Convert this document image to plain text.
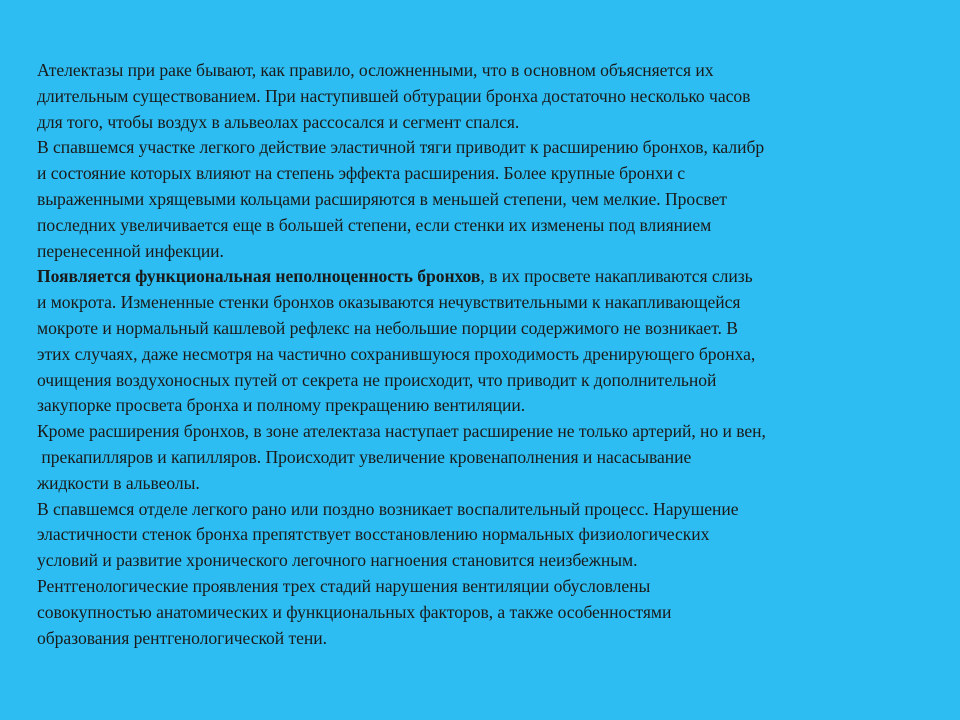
Ателектазы при раке бывают, как правило, осложненными, что в основном объясняется их
длительным существованием. При наступившей обтурации бронха достаточно несколько часов
для того, чтобы воздух в альвеолах рассосался и сегмент спался.
В спавшемся участке легкого действие эластичной тяги приводит к расширению бронхов, калибр
и состояние которых влияют на степень эффекта расширения. Более крупные бронхи с
выраженными хрящевыми кольцами расширяются в меньшей степени, чем мелкие. Просвет
последних увеличивается еще в большей степени, если стенки их изменены под влиянием
перенесенной инфекции.
Появляется функциональная неполноценность бронхов, в их просвете накапливаются слизь
и мокрота. Измененные стенки бронхов оказываются нечувствительными к накапливающейся
мокроте и нормальный кашлевой рефлекс на небольшие порции содержимого не возникает. В
этих случаях, даже несмотря на частично сохранившуюся проходимость дренирующего бронха,
очищения воздухоносных путей от секрета не происходит, что приводит к дополнительной
закупорке просвета бронха и полному прекращению вентиляции.
Кроме расширения бронхов, в зоне ателектаза наступает расширение не только артерий, но и вен,
прекапилляров и капилляров. Происходит увеличение кровенаполнения и насасывание
жидкости в альвеолы.
В спавшемся отделе легкого рано или поздно возникает воспалительный процесс. Нарушение
эластичности стенок бронха препятствует восстановлению нормальных физиологических
условий и развитие хронического легочного нагноения становится неизбежным.
Рентгенологические проявления трех стадий нарушения вентиляции обусловлены
совокупностью анатомических и функциональных факторов, а также особенностями
образования рентгенологической тени.
